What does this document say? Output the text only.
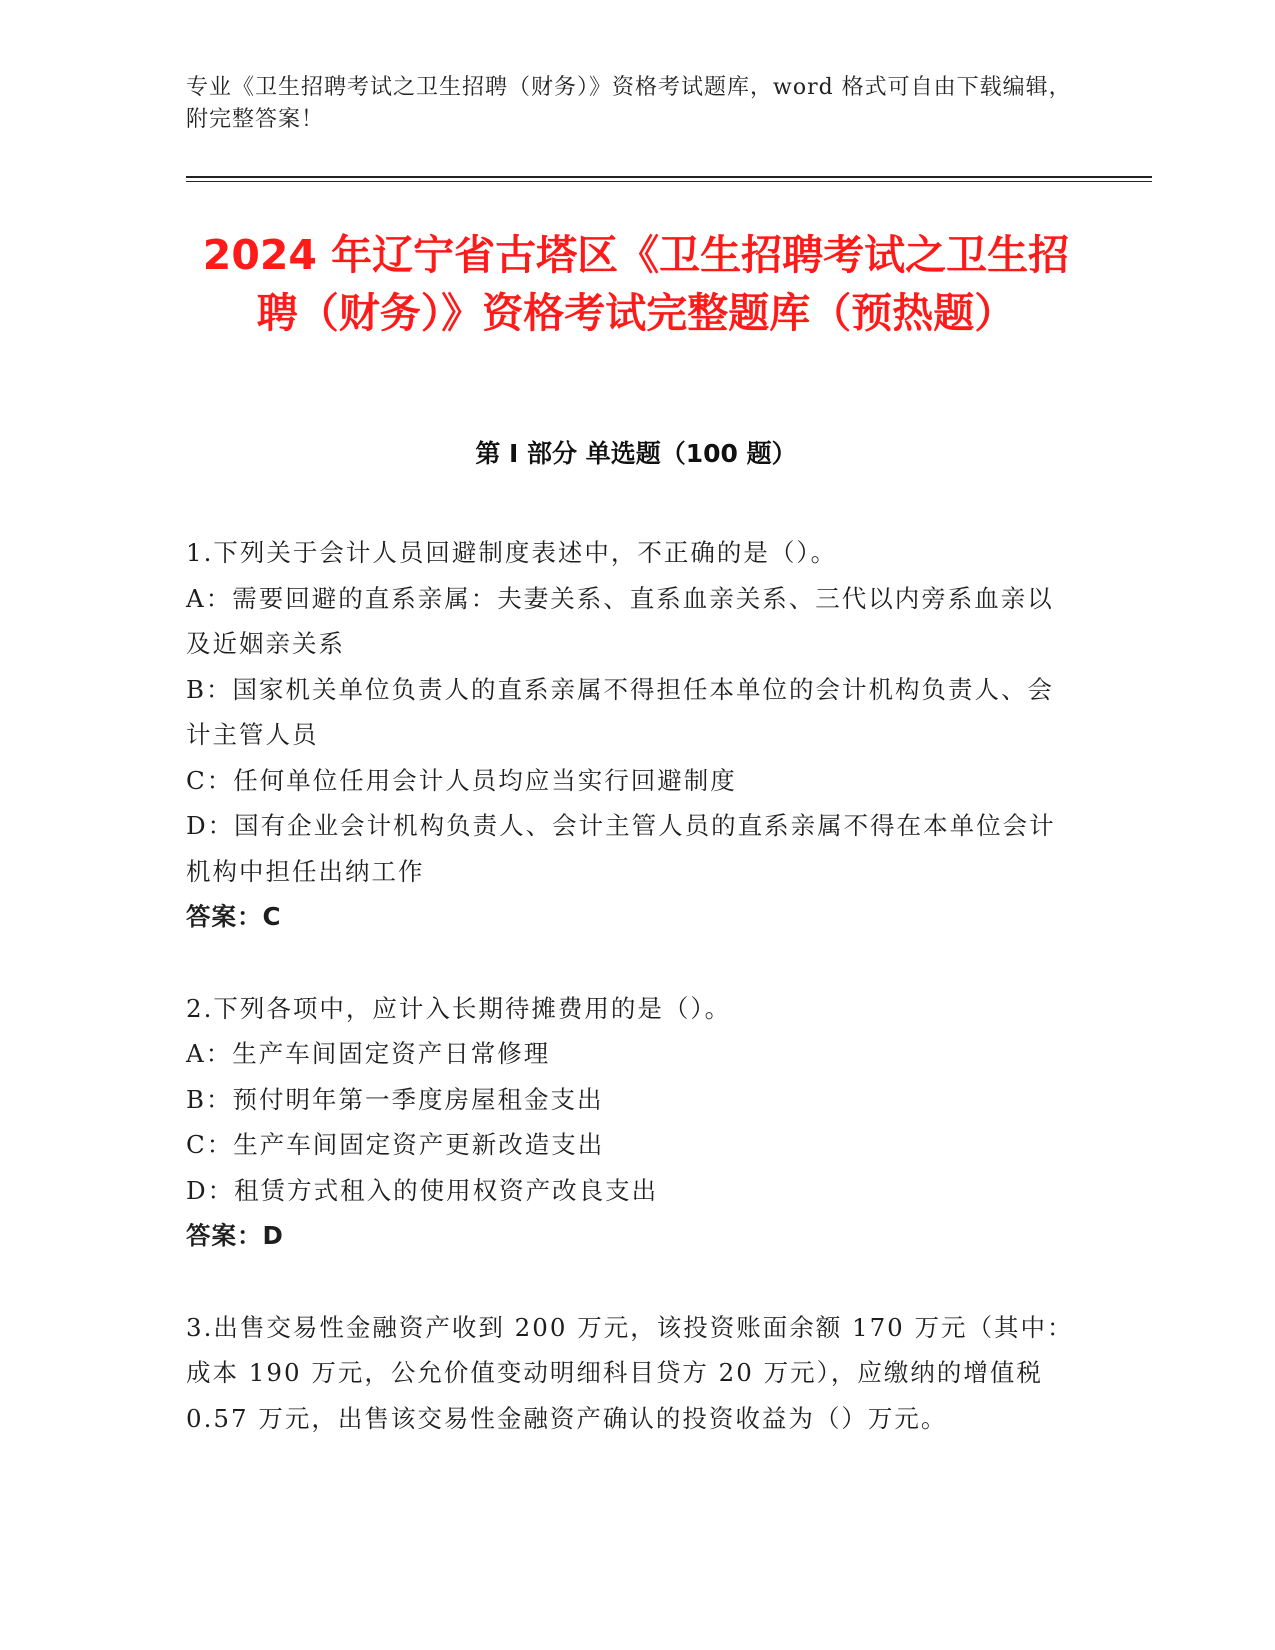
专业《卫生招聘考试之卫生招聘（财务）》资格考试题库，word 格式可自由下载编辑，附完整答案！
2024 年辽宁省古塔区《卫生招聘考试之卫生招聘（财务）》资格考试完整题库（预热题）
第 I 部分 单选题（100 题）

1.下列关于会计人员回避制度表述中，不正确的是（）。

A：需要回避的直系亲属：夫妻关系、直系血亲关系、三代以内旁系血亲以及近姻亲关系

B：国家机关单位负责人的直系亲属不得担任本单位的会计机构负责人、会计主管人员

C：任何单位任用会计人员均应当实行回避制度

D：国有企业会计机构负责人、会计主管人员的直系亲属不得在本单位会计机构中担任出纳工作

答案：C

2.下列各项中，应计入长期待摊费用的是（）。

A：生产车间固定资产日常修理

B：预付明年第一季度房屋租金支出

C：生产车间固定资产更新改造支出

D：租赁方式租入的使用权资产改良支出

答案：D

3.出售交易性金融资产收到 200 万元，该投资账面余额 170 万元（其中：成本 190 万元，公允价值变动明细科目贷方 20 万元），应缴纳的增值税 0.57 万元，出售该交易性金融资产确认的投资收益为（）万元。
